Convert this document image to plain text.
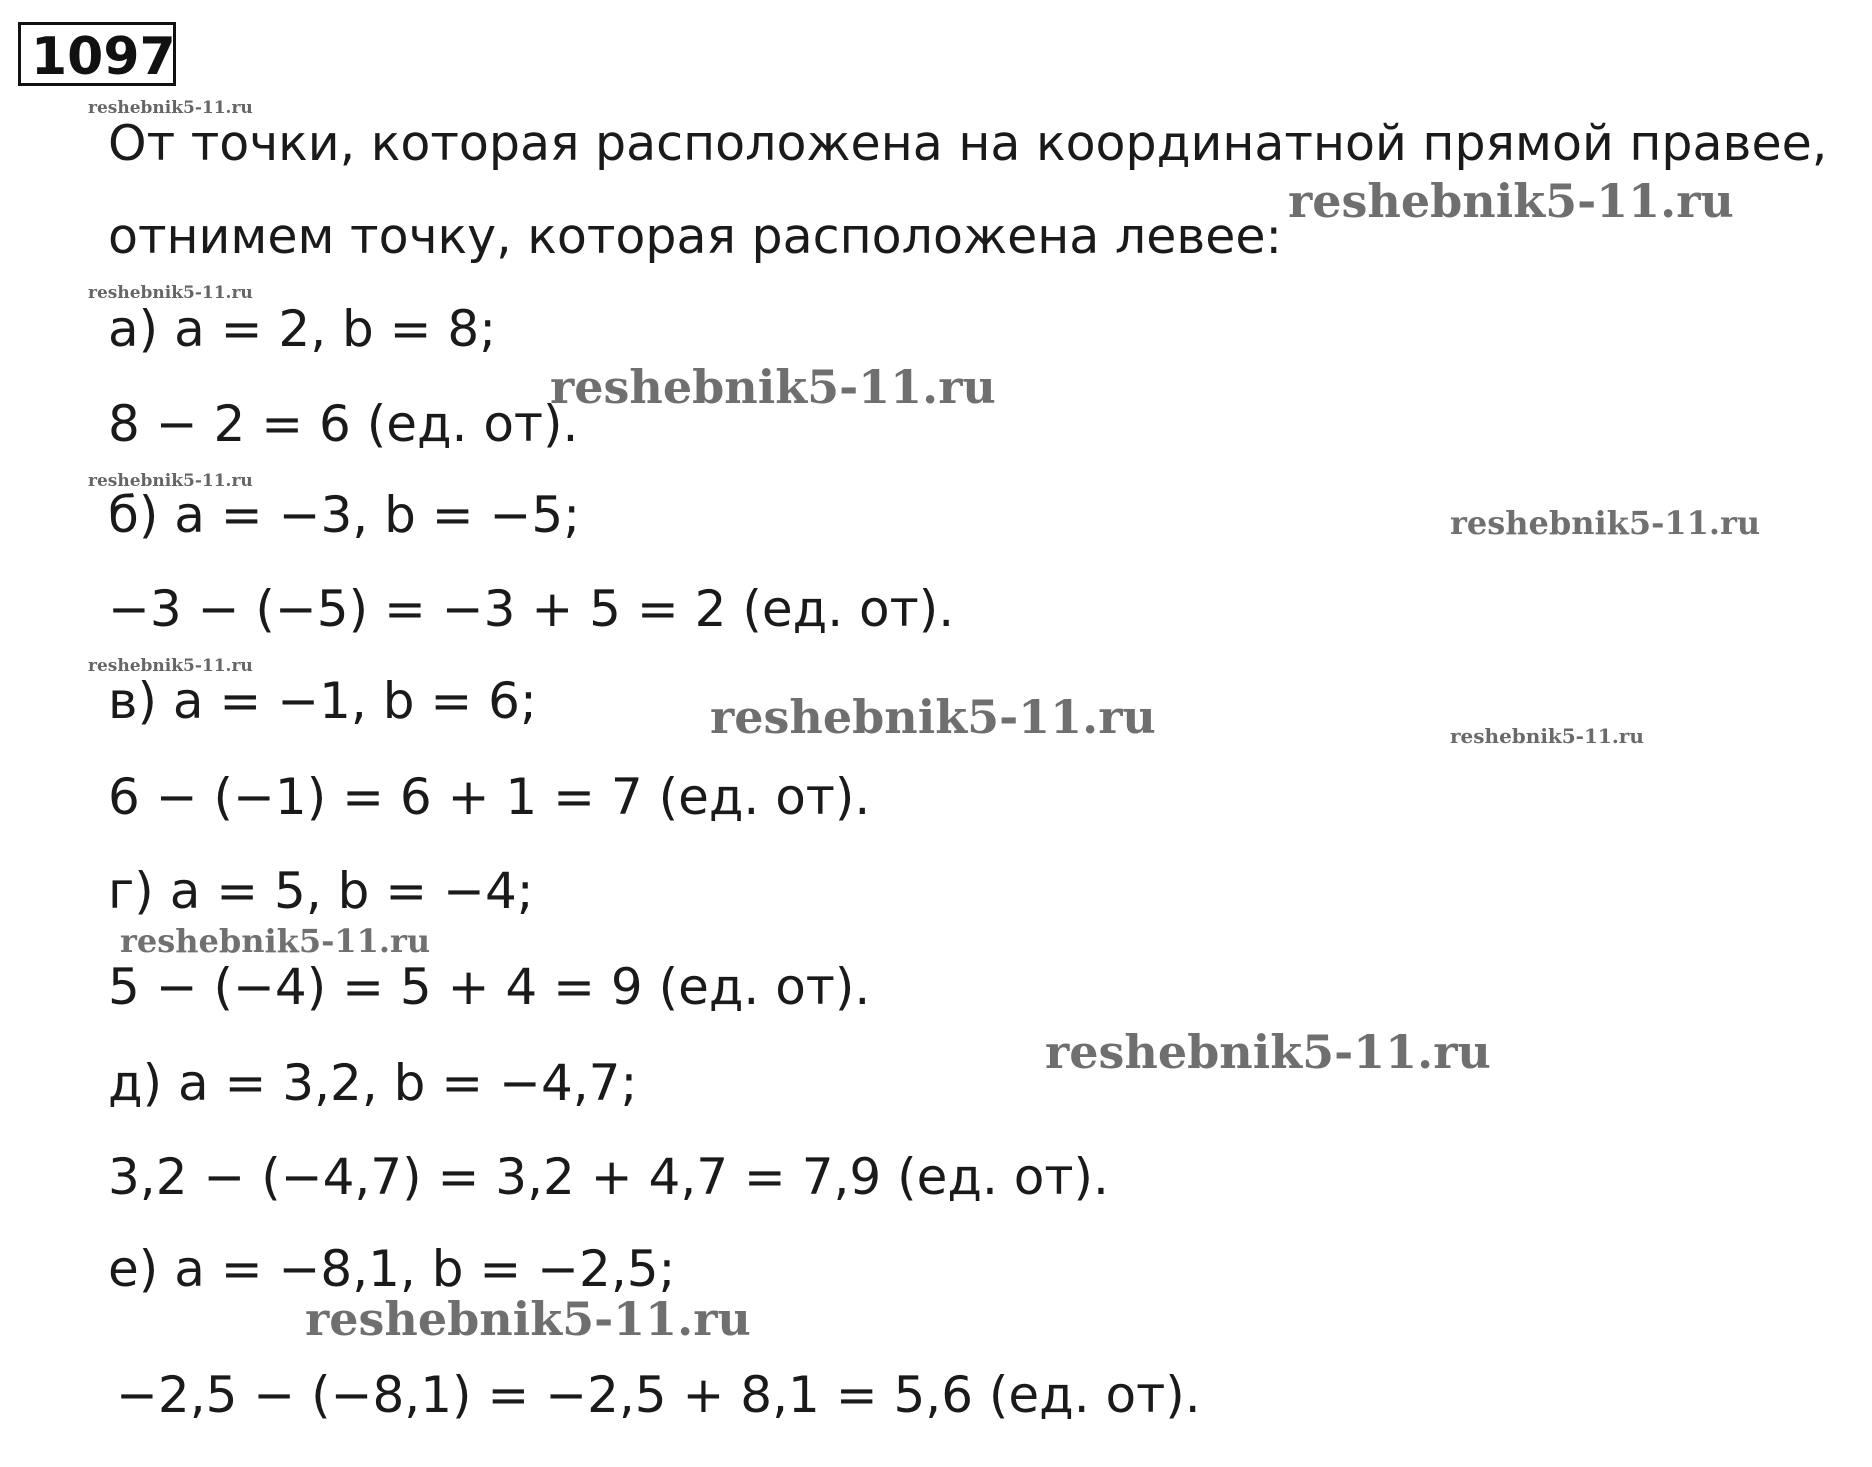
1097
reshebnik5-11.ru
reshebnik5-11.ru
reshebnik5-11.ru
reshebnik5-11.ru
reshebnik5-11.ru
reshebnik5-11.ru
reshebnik5-11.ru
reshebnik5-11.ru	reshebnik5-11.ru
reshebnik5-11.ru
reshebnik5-11.ru
reshebnik5-11.ru
От точки, которая расположена на координатной прямой правее,
отнимем точку, которая расположена левее:
а) a = 2, b = 8;
8 − 2 = 6 (ед. от).
б) a = −3, b = −5;
−3 − (−5) = −3 + 5 = 2 (ед. от).
в) a = −1, b = 6;
6 − (−1) = 6 + 1 = 7 (ед. от).
г) a = 5, b = −4;
5 − (−4) = 5 + 4 = 9 (ед. от).
д) a = 3,2, b = −4,7;
3,2 − (−4,7) = 3,2 + 4,7 = 7,9 (ед. от).
е) a = −8,1, b = −2,5;
−2,5 − (−8,1) = −2,5 + 8,1 = 5,6 (ед. от).
